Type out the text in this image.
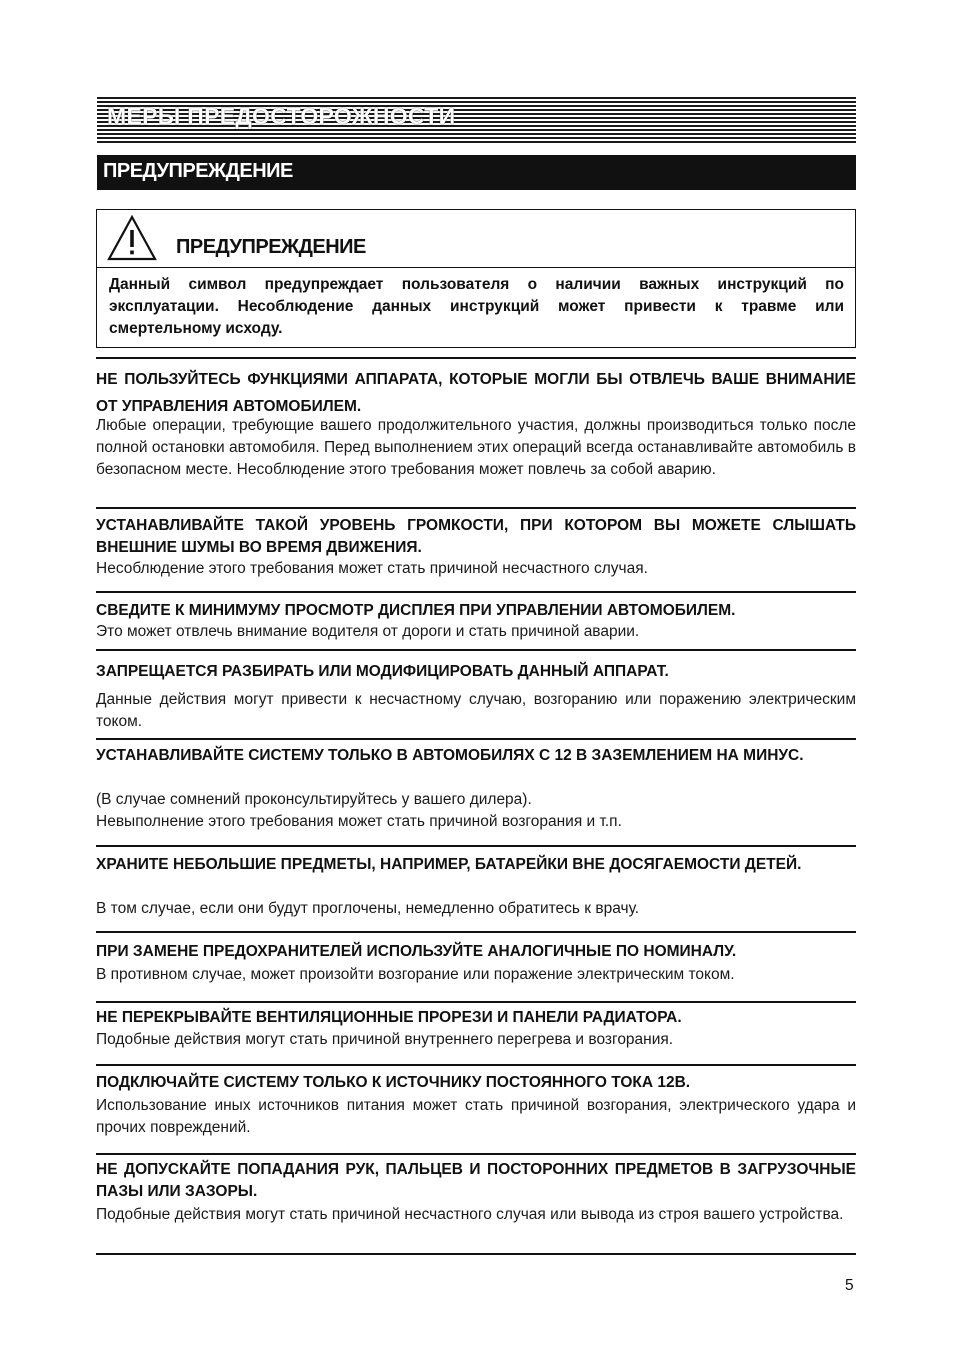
МЕРЫ ПРЕДОСТОРОЖНОСТИ
ПРЕДУПРЕЖДЕНИЕ
ПРЕДУПРЕЖДЕНИЕ
Данный символ предупреждает пользователя о наличии важных инструкций по эксплуатации. Несоблюдение данных инструкций может привести к травме или смертельному исходу.
НЕ ПОЛЬЗУЙТЕСЬ ФУНКЦИЯМИ АППАРАТА, КОТОРЫЕ МОГЛИ БЫ ОТВЛЕЧЬ ВАШЕ ВНИМАНИЕ ОТ УПРАВЛЕНИЯ АВТОМОБИЛЕМ.
Любые операции, требующие вашего продолжительного участия, должны производиться только после полной остановки автомобиля. Перед выполнением этих операций всегда останавливайте автомобиль в безопасном месте. Несоблюдение этого требования может повлечь за собой аварию.
УСТАНАВЛИВАЙТЕ ТАКОЙ УРОВЕНЬ ГРОМКОСТИ, ПРИ КОТОРОМ ВЫ МОЖЕТЕ СЛЫШАТЬ ВНЕШНИЕ ШУМЫ ВО ВРЕМЯ ДВИЖЕНИЯ.
Несоблюдение этого требования может стать причиной несчастного случая.
СВЕДИТЕ К МИНИМУМУ ПРОСМОТР ДИСПЛЕЯ ПРИ УПРАВЛЕНИИ АВТОМОБИЛЕМ.
Это может отвлечь внимание водителя от дороги и стать причиной аварии.
ЗАПРЕЩАЕТСЯ РАЗБИРАТЬ ИЛИ МОДИФИЦИРОВАТЬ ДАННЫЙ АППАРАТ.
Данные действия могут привести к несчастному случаю, возгоранию или поражению электрическим током.
УСТАНАВЛИВАЙТЕ СИСТЕМУ ТОЛЬКО В АВТОМОБИЛЯХ С 12 В ЗАЗЕМЛЕНИЕМ НА МИНУС.
(В случае сомнений проконсультируйтесь у вашего дилера).
Невыполнение этого требования может стать причиной возгорания и т.п.
ХРАНИТЕ НЕБОЛЬШИЕ ПРЕДМЕТЫ, НАПРИМЕР, БАТАРЕЙКИ ВНЕ ДОСЯГАЕМОСТИ ДЕТЕЙ.
В том случае, если они будут проглочены, немедленно обратитесь к врачу.
ПРИ ЗАМЕНЕ ПРЕДОХРАНИТЕЛЕЙ ИСПОЛЬЗУЙТЕ АНАЛОГИЧНЫЕ ПО НОМИНАЛУ.
В противном случае, может произойти возгорание или поражение электрическим током.
НЕ ПЕРЕКРЫВАЙТЕ ВЕНТИЛЯЦИОННЫЕ ПРОРЕЗИ И ПАНЕЛИ РАДИАТОРА.
Подобные действия могут стать причиной внутреннего перегрева и возгорания.
ПОДКЛЮЧАЙТЕ СИСТЕМУ ТОЛЬКО К ИСТОЧНИКУ ПОСТОЯННОГО ТОКА 12В.
Использование иных источников питания может стать причиной возгорания, электрического удара и прочих повреждений.
НЕ ДОПУСКАЙТЕ ПОПАДАНИЯ РУК, ПАЛЬЦЕВ И ПОСТОРОННИХ ПРЕДМЕТОВ В ЗАГРУЗОЧНЫЕ ПАЗЫ ИЛИ ЗАЗОРЫ.
Подобные действия могут стать причиной несчастного случая или вывода из строя вашего устройства.
5
